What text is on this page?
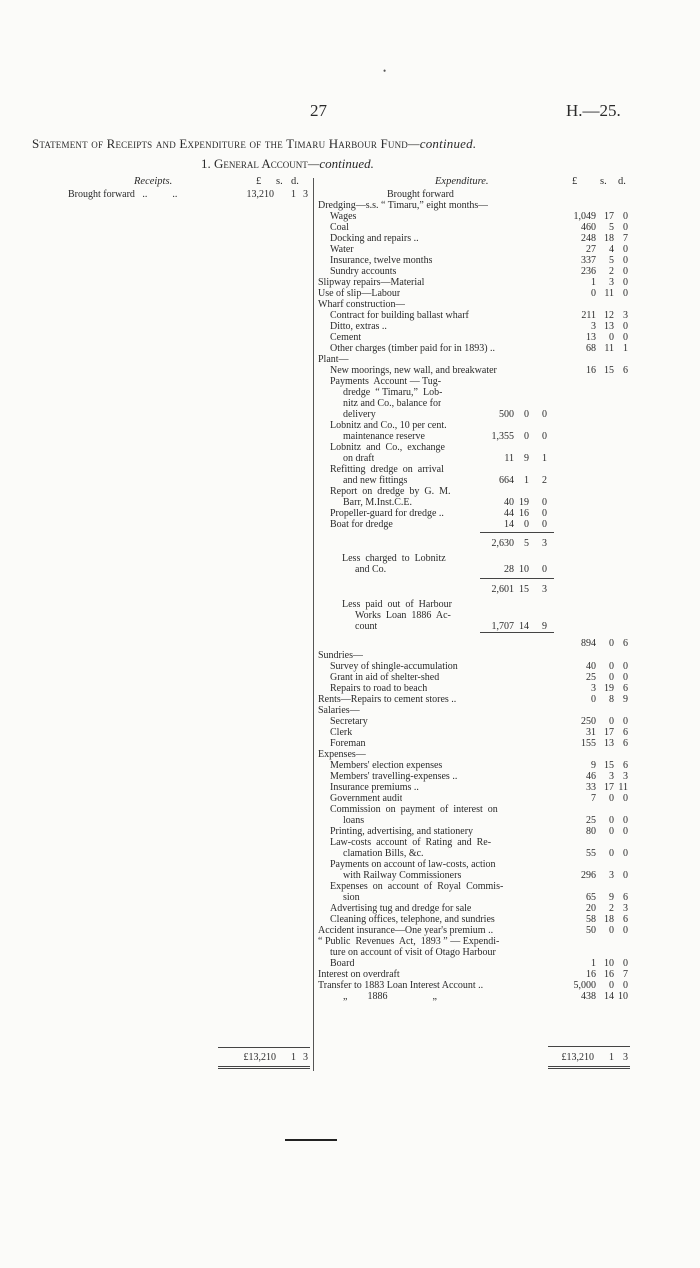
•
27	H.—25.
Statement of Receipts and Expenditure of the Timaru Harbour Fund—continued.
1. General Account—continued.
Receipts.	£ s. d.
Brought forward   ..          ..	13,210	1 3
£13,210	1 3
Expenditure.	£ s. d.
Brought forward
Dredging—s.s. “ Timaru,” eight months—
Wages	1,049 17 0
Coal	460	5 0
Docking and repairs ..	248 18 7
Water	27	4 0
Insurance, twelve months	337	5 0
Sundry accounts	236	2 0
Slipway repairs—Material	1	3 0
Use of slip—Labour	0 11 0
Wharf construction—
Contract for building ballast wharf	211 12 3
Ditto, extras ..	3 13 0
Cement	13	0 0
Other charges (timber paid for in 1893) ..	68 11 1
Plant—
New moorings, new wall, and breakwater	16 15 6
Payments  Account — Tug-
dredge  “ Timaru,”  Lob-
nitz and Co., balance for
delivery	500	0	0
Lobnitz and Co., 10 per cent.
maintenance reserve	1,355	0	0
Lobnitz  and  Co.,  exchange
on draft	11	9	1
Refitting  dredge  on  arrival
and new fittings	664	1	2
Report  on  dredge  by  G.  M.
Barr, M.Inst.C.E.	40 19	0
Propeller-guard for dredge ..	44 16	0
Boat for dredge	14	0	0
2,630	5	3
Less  charged  to  Lobnitz
and Co.	28 10	0
2,601 15	3
Less  paid  out  of  Harbour
Works  Loan  1886  Ac-
count	1,707 14	9
894	0 6
Sundries—
Survey of shingle-accumulation	40	0 0
Grant in aid of shelter-shed	25	0 0
Repairs to road to beach	3 19 6
Rents—Repairs to cement stores ..	0	8 9
Salaries—
Secretary	250	0 0
Clerk	31 17 6
Foreman	155 13 6
Expenses—
Members' election expenses	9 15 6
Members' travelling-expenses ..	46	3 3
Insurance premiums ..	33 17 11
Government audit	7	0 0
Commission  on  payment  of  interest  on
loans	25	0 0
Printing, advertising, and stationery	80	0 0
Law-costs  account  of  Rating  and  Re-
clamation Bills, &c.	55	0 0
Payments on account of law-costs, action
with Railway Commissioners	296	3 0
Expenses  on  account  of  Royal  Commis-
sion	65	9 6
Advertising tug and dredge for sale	20	2 3
Cleaning offices, telephone, and sundries	58 18 6
Accident insurance—One year's premium ..	50	0 0
“ Public  Revenues  Act,  1893 ” — Expendi-
ture on account of visit of Otago Harbour
Board	1 10 0
Interest on overdraft	16 16 7
Transfer to 1883 Loan Interest Account ..	5,000	0 0
„        1886                  „	438 14 10
£13,210	1 3
